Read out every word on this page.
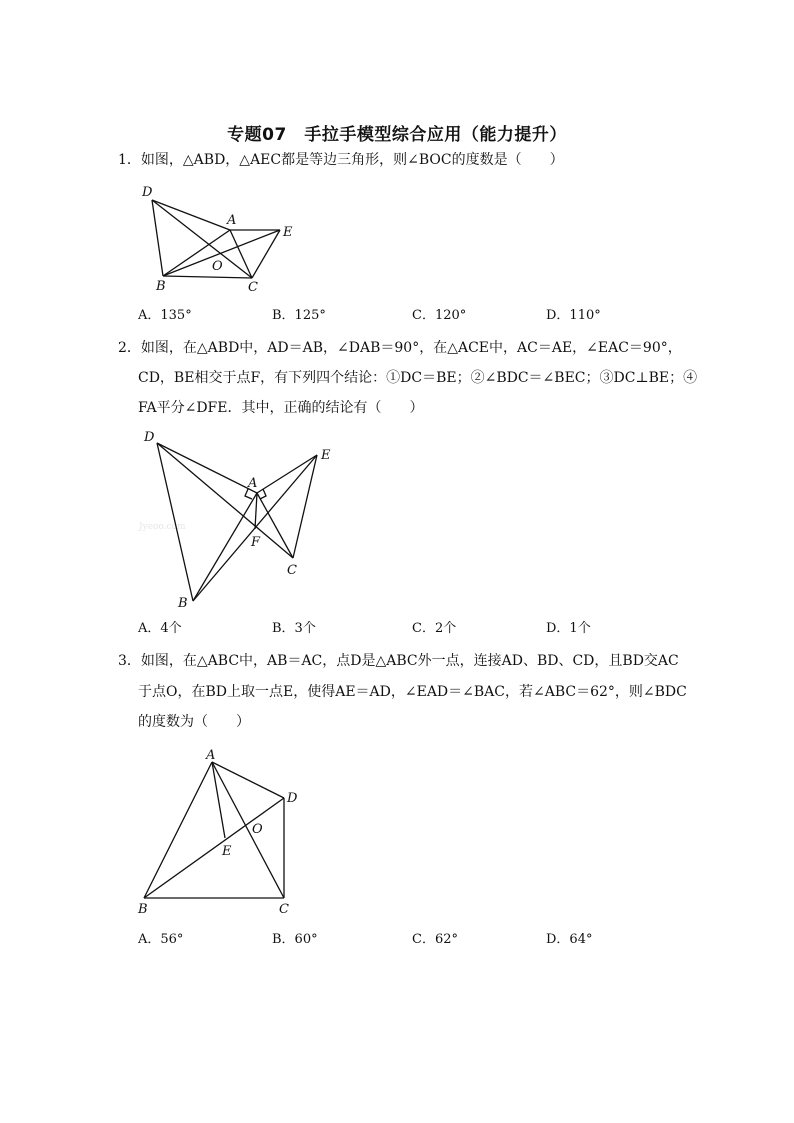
专题07　手拉手模型综合应用（能力提升）
1．如图，△ABD，△AEC都是等边三角形，则∠BOC的度数是（　　）
D
A
E
O
B	C
A．135°	B．125°	C．120°	D．110°
2．如图，在△ABD中，AD＝AB，∠DAB＝90°，在△ACE中，AC＝AE，∠EAC＝90°，
CD，BE相交于点F，有下列四个结论：①DC＝BE；②∠BDC＝∠BEC；③DC⊥BE；④
FA平分∠DFE．其中，正确的结论有（　　）
Jyeoo.com
D
E
A
F
C
B
A．4个	B．3个	C．2个	D．1个
3．如图，在△ABC中，AB＝AC，点D是△ABC外一点，连接AD、BD、CD，且BD交AC
于点O，在BD上取一点E，使得AE＝AD，∠EAD＝∠BAC，若∠ABC＝62°，则∠BDC
的度数为（　　）
A
D
O
E
B	C
A．56°	B．60°	C．62°	D．64°
